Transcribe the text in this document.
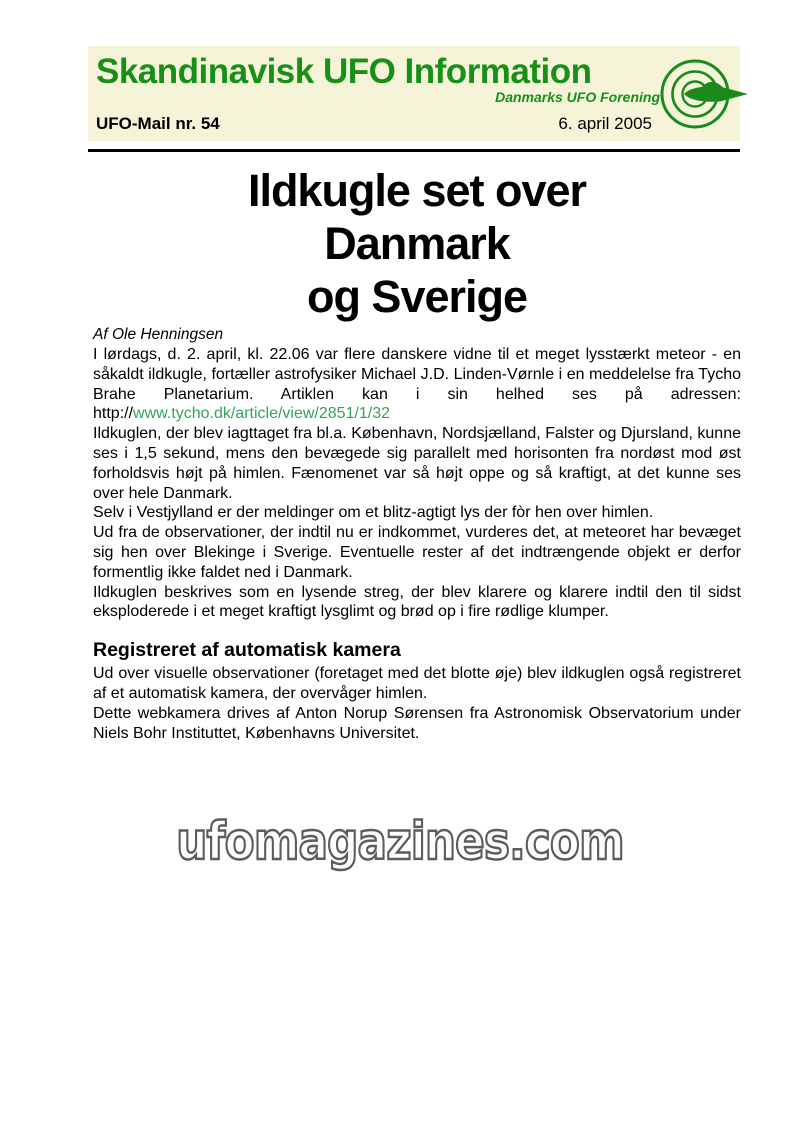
Skandinavisk UFO Information
Danmarks UFO Forening
UFO-Mail nr. 54	6. april 2005
Ildkugle set over
Danmark
og Sverige
Af Ole Henningsen

I lørdags, d. 2. april, kl. 22.06 var flere danskere vidne til et meget lysstærkt meteor - en såkaldt ildkugle, fortæller astrofysiker Michael J.D. Linden-Vørnle i en meddelelse fra Tycho Brahe Planetarium. Artiklen kan i sin helhed ses på adressen: http://www.tycho.dk/article/view/2851/1/32

Ildkuglen, der blev iagttaget fra bl.a. København, Nordsjælland, Falster og Djursland, kunne ses i 1,5 sekund, mens den bevægede sig parallelt med horisonten fra nordøst mod øst forholdsvis højt på himlen. Fænomenet var så højt oppe og så kraftigt, at det kunne ses over hele Danmark.

Selv i Vestjylland er der meldinger om et blitz-agtigt lys der fòr hen over himlen.

Ud fra de observationer, der indtil nu er indkommet, vurderes det, at meteoret har bevæget sig hen over Blekinge i Sverige. Eventuelle rester af det indtrængende objekt er derfor formentlig ikke faldet ned i Danmark.

Ildkuglen beskrives som en lysende streg, der blev klarere og klarere indtil den til sidst eksploderede i et meget kraftigt lysglimt og brød op i fire rødlige klumper.

Registreret af automatisk kamera

Ud over visuelle observationer (foretaget med det blotte øje) blev ildkuglen også registreret af et automatisk kamera, der overvåger himlen.

Dette webkamera drives af Anton Norup Sørensen fra Astronomisk Observatorium under Niels Bohr Instituttet, Københavns Universitet.

ufomagazines.com
